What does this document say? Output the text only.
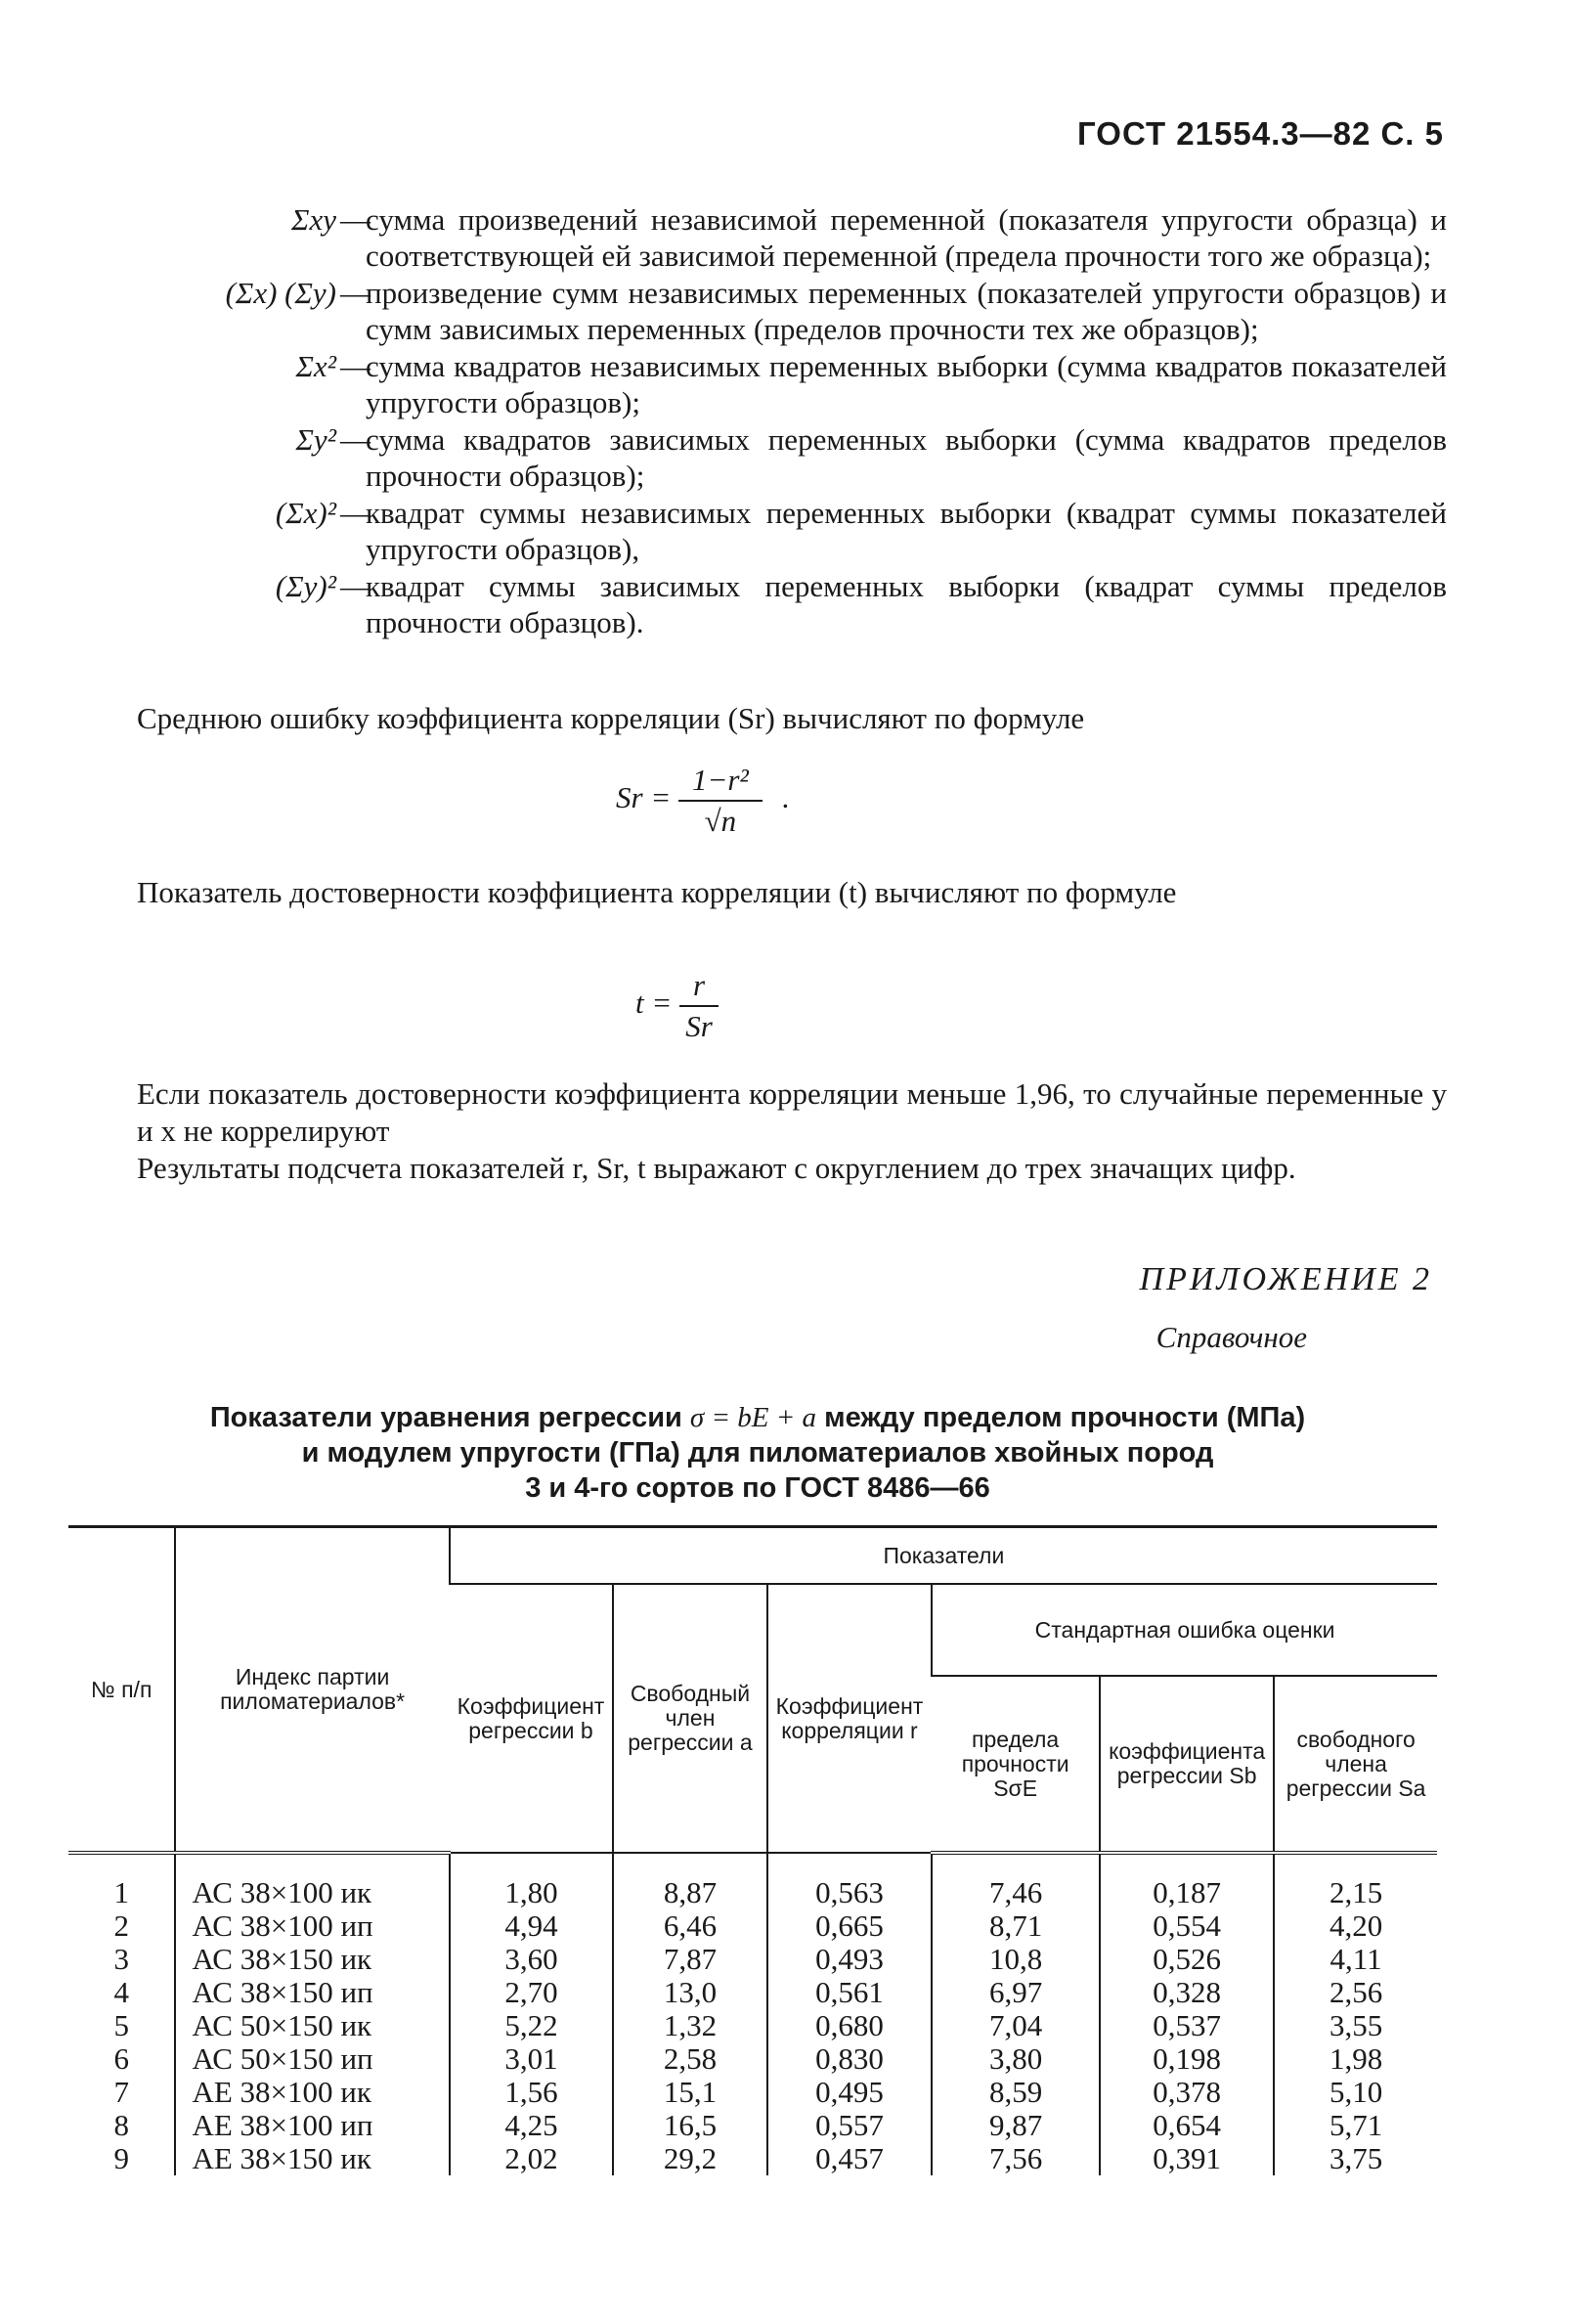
ГОСТ 21554.3—82 С. 5
Σxy —
сумма произведений независимой переменной (показателя упругости образца) и соответствующей ей зависимой переменной (предела прочности того же образца);
(Σx) (Σy) —
произведение сумм независимых переменных (показателей упругости образцов) и сумм зависимых переменных (пределов прочности тех же образцов);
Σx² —
сумма квадратов независимых переменных выборки (сумма квадратов показателей упругости образцов);
Σy² —
сумма квадратов зависимых переменных выборки (сумма квадратов пределов прочности образцов);
(Σx)² —
квадрат суммы независимых переменных выборки (квадрат суммы показателей упругости образцов),
(Σy)² —
квадрат суммы зависимых переменных выборки (квадрат суммы пределов прочности образцов).
Среднюю ошибку коэффициента корреляции (Sr) вычисляют по формуле
$Sr = \frac{\text{1−r²}}{√n}$ .
Показатель достоверности коэффициента корреляции (t) вычисляют по формуле
$t = \frac{r}{Sr}$
Если показатель достоверности коэффициента корреляции меньше 1,96, то случайные переменные y и x не коррелируют
Результаты подсчета показателей r, Sr, t выражают с округлением до трех значащих цифр.
ПРИЛОЖЕНИЕ 2
Справочное
Показатели уравнения регрессии σ = bE + a между пределом прочности (МПа)
и модулем упругости (ГПа) для пиломатериалов хвойных пород
3 и 4-го сортов по ГОСТ 8486—66
№ п/п	Индекс партии пиломатериалов*	Показатели					
		Коэффициент регрессии b	Свободный член регрессии a	Коэффициент корреляции r	Стандартная ошибка оценки		
					предела прочности SσE	коэффициента регрессии Sb	свободного члена регрессии Sa
1	АС 38×100 ик	1,80	8,87	0,563	7,46	0,187	2,15
2	АС 38×100 ип	4,94	6,46	0,665	8,71	0,554	4,20
3	АС 38×150 ик	3,60	7,87	0,493	10,8	0,526	4,11
4	АС 38×150 ип	2,70	13,0	0,561	6,97	0,328	2,56
5	АС 50×150 ик	5,22	1,32	0,680	7,04	0,537	3,55
6	АС 50×150 ип	3,01	2,58	0,830	3,80	0,198	1,98
7	АЕ 38×100 ик	1,56	15,1	0,495	8,59	0,378	5,10
8	АЕ 38×100 ип	4,25	16,5	0,557	9,87	0,654	5,71
9	АЕ 38×150 ик	2,02	29,2	0,457	7,56	0,391	3,75
